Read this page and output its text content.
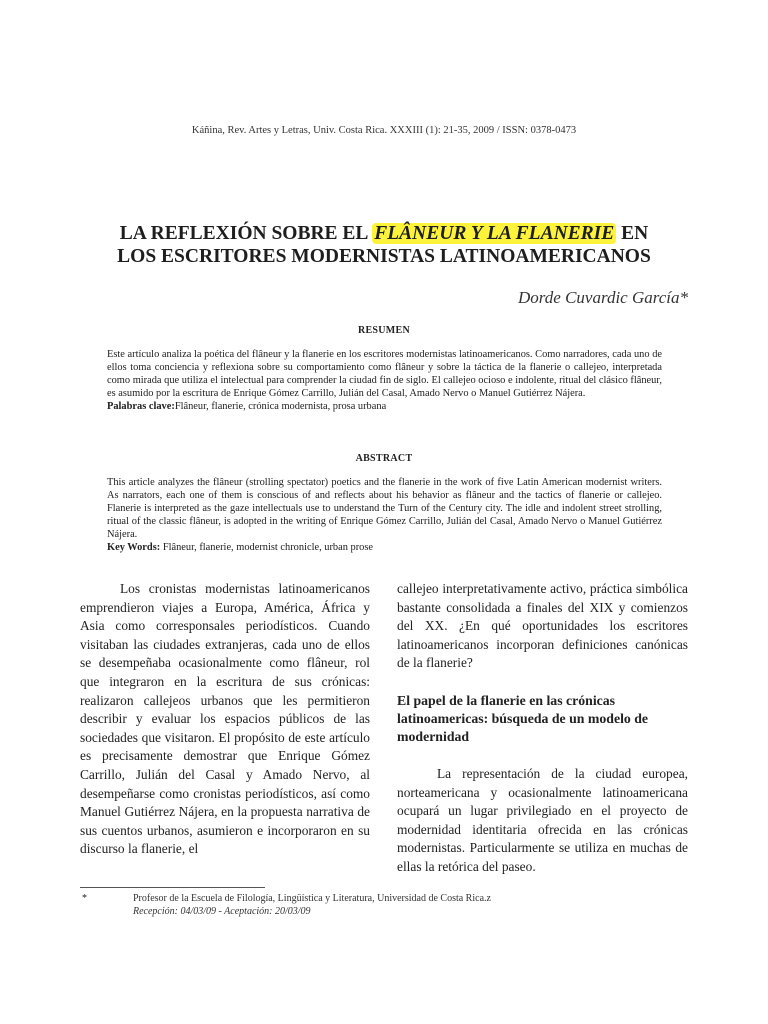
Káñina, Rev. Artes y Letras, Univ. Costa Rica. XXXIII (1): 21-35, 2009 / ISSN: 0378-0473
LA REFLEXIÓN SOBRE EL FLÂNEUR Y LA FLANERIE EN
LOS ESCRITORES MODERNISTAS LATINOAMERICANOS
Dorde Cuvardic García*
RESUMEN
Este artículo analiza la poética del flâneur y la flanerie en los escritores modernistas latinoamericanos. Como narradores, cada uno de ellos toma conciencia y reflexiona sobre su comportamiento como flâneur y sobre la táctica de la flanerie o callejeo, interpretada como mirada que utiliza el intelectual para comprender la ciudad fin de siglo. El callejeo ocioso e indolente, ritual del clásico flâneur, es asumido por la escritura de Enrique Gómez Carrillo, Julián del Casal, Amado Nervo o Manuel Gutiérrez Nájera.
Palabras clave:Flâneur, flanerie, crónica modernista, prosa urbana
ABSTRACT
This article analyzes the flâneur (strolling spectator) poetics and the flanerie in the work of five Latin American modernist writers. As narrators, each one of them is conscious of and reflects about his behavior as flâneur and the tactics of flanerie or callejeo. Flanerie is interpreted as the gaze intellectuals use to understand the Turn of the Century city. The idle and indolent street strolling, ritual of the classic flâneur, is adopted in the writing of Enrique Gómez Carrillo, Julián del Casal, Amado Nervo o Manuel Gutiérrez Nájera.
Key Words: Flâneur, flanerie, modernist chronicle, urban prose

Los cronistas modernistas latinoamericanos emprendieron viajes a Europa, América, África y Asia como corresponsales periodísticos. Cuando visitaban las ciudades extranjeras, cada uno de ellos se desempeñaba ocasionalmente como flâneur, rol que integraron en la escritura de sus crónicas: realizaron callejeos urbanos que les permitieron describir y evaluar los espacios públicos de las sociedades que visitaron. El propósito de este artículo es precisamente demostrar que Enrique Gómez Carrillo, Julián del Casal y Amado Nervo, al desempeñarse como cronistas periodísticos, así como Manuel Gutiérrez Nájera, en la propuesta narrativa de sus cuentos urbanos, asumieron e incorporaron en su discurso la flanerie, el

callejeo interpretativamente activo, práctica simbólica bastante consolidada a finales del XIX y comienzos del XX. ¿En qué oportunidades los escritores latinoamericanos incorporan definiciones canónicas de la flanerie?

El papel de la flanerie en las crónicas latinoamericas: búsqueda de un modelo de modernidad

La representación de la ciudad europea, norteamericana y ocasionalmente latinoamericana ocupará un lugar privilegiado en el proyecto de modernidad identitaria ofrecida en las crónicas modernistas. Particularmente se utiliza en muchas de ellas la retórica del paseo.

*	Profesor de la Escuela de Filología, Lingüística y Literatura, Universidad de Costa Rica.z
Recepción: 04/03/09 - Aceptación: 20/03/09
